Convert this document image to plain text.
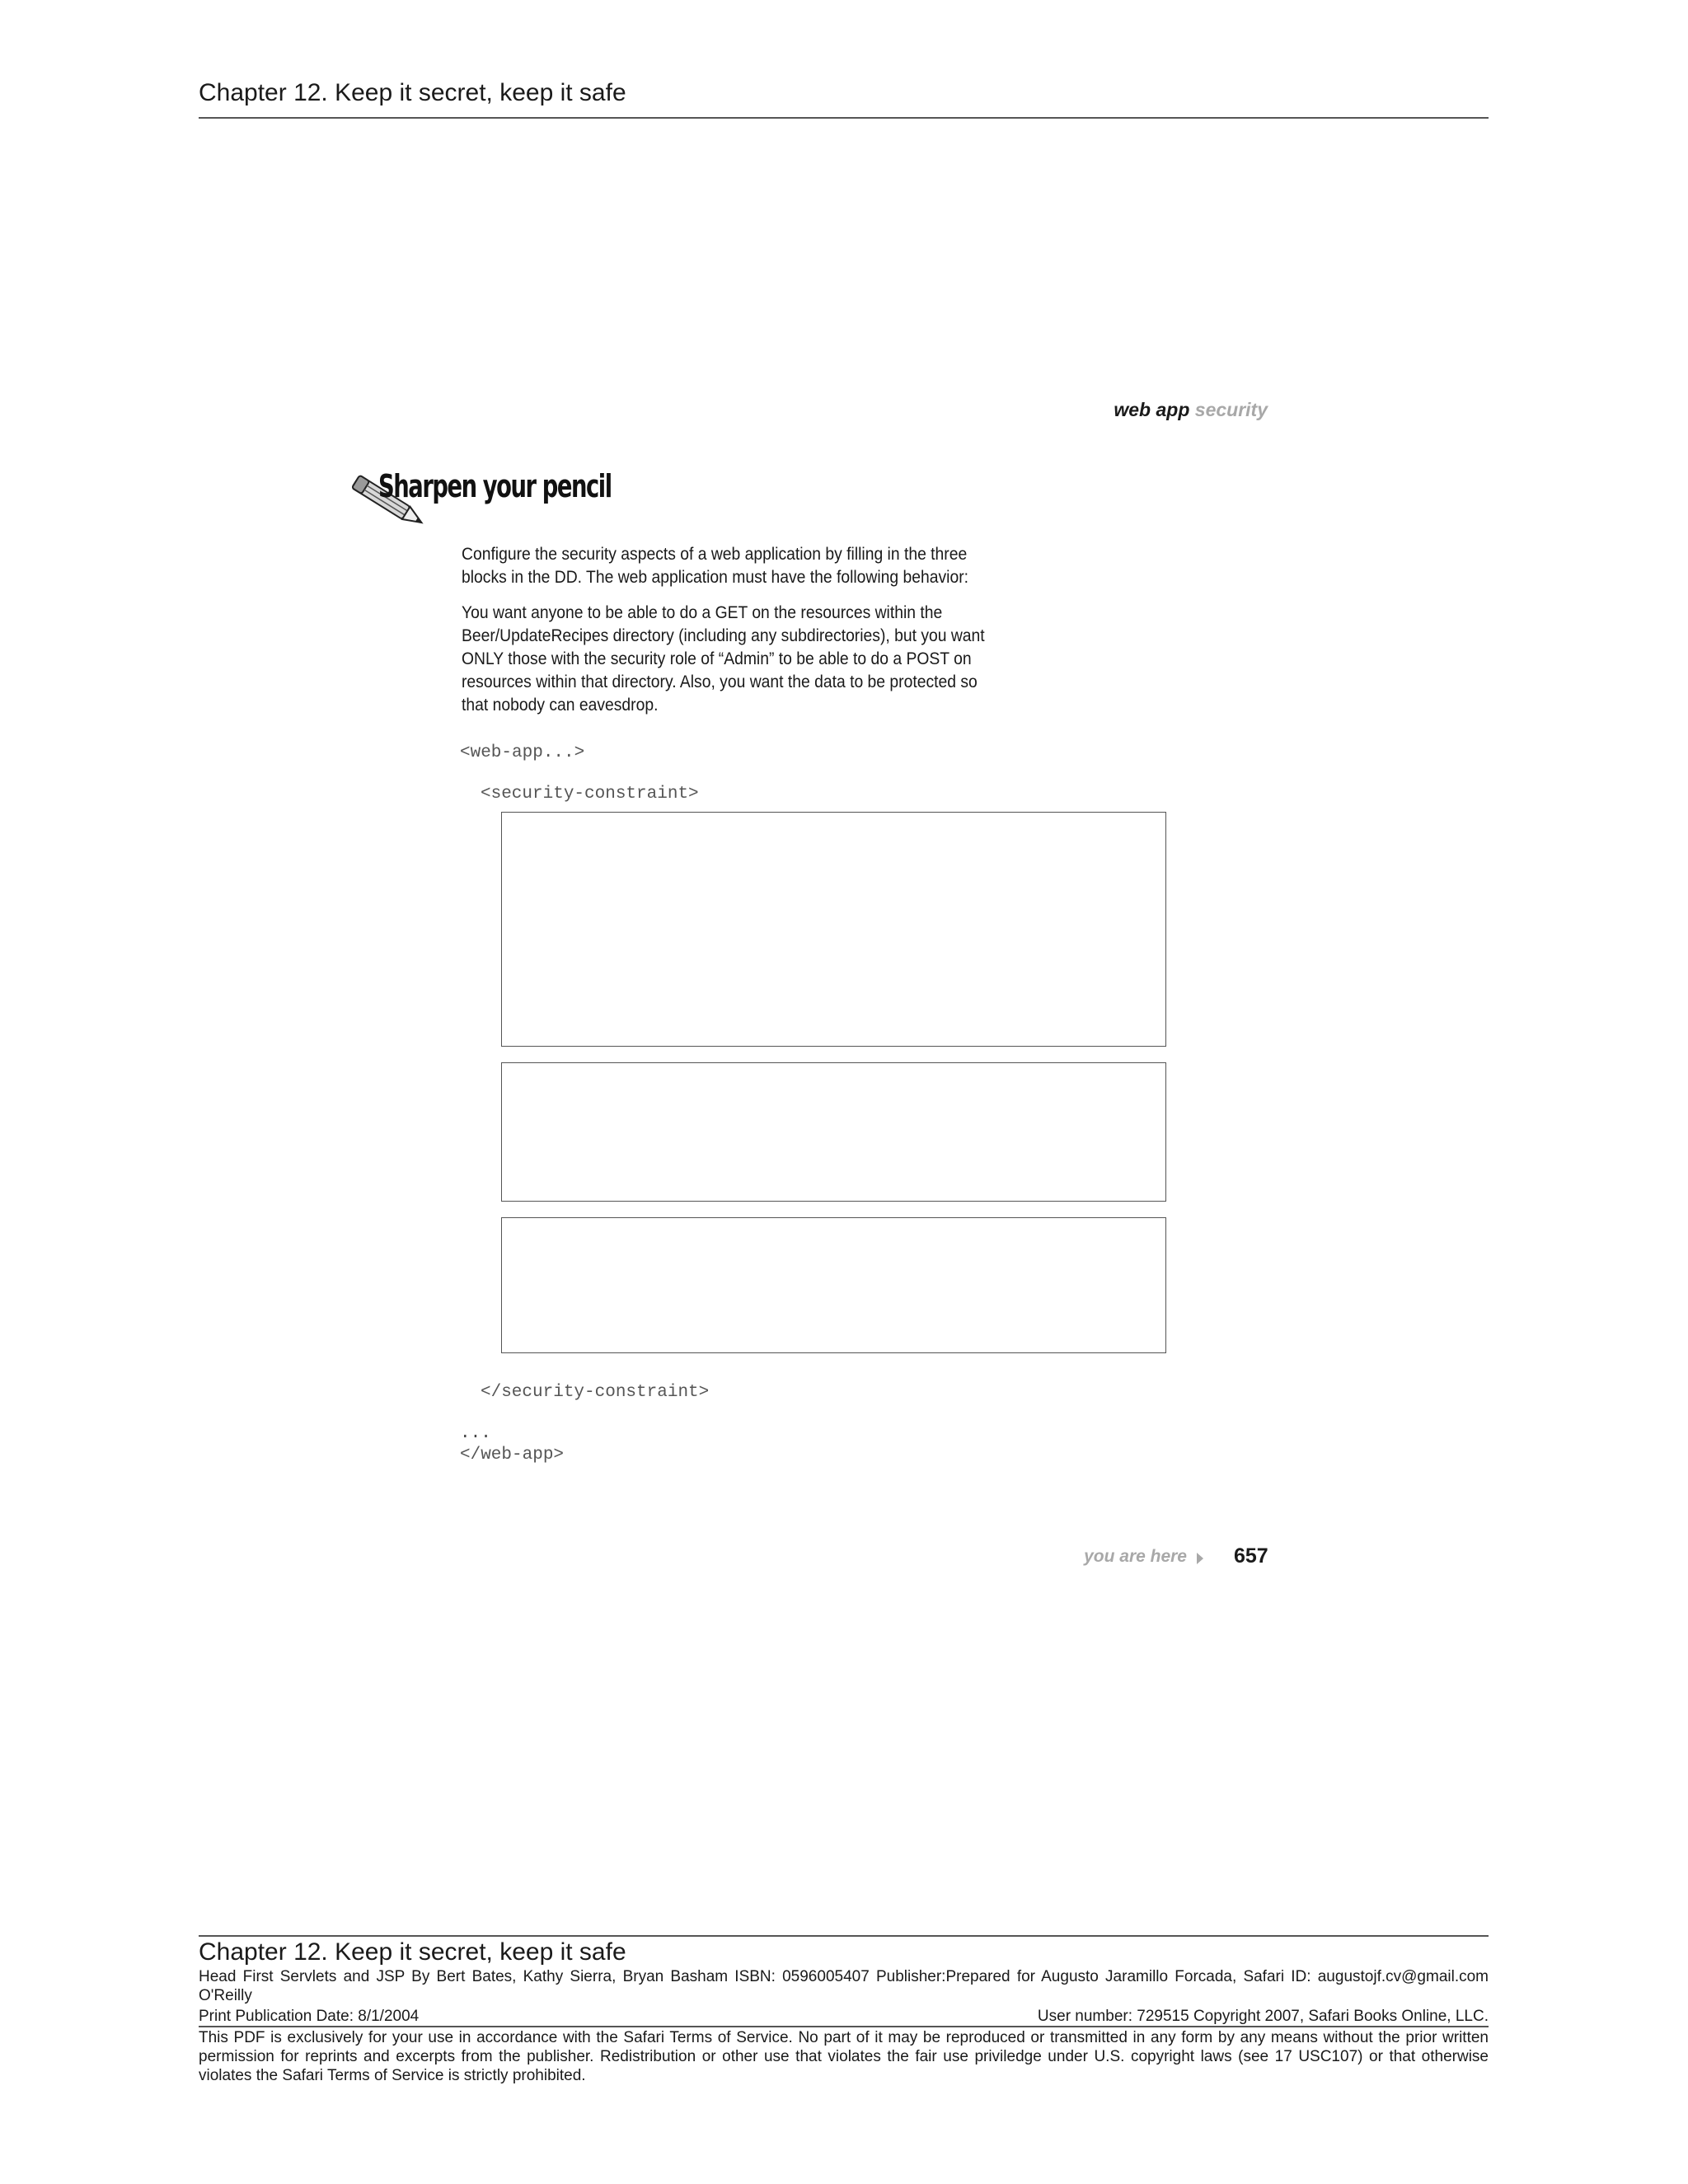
Chapter 12. Keep it secret, keep it safe
web app security
Sharpen your pencil

Configure the security aspects of a web application by filling in the three blocks in the DD. The web application must have the following behavior:

You want anyone to be able to do a GET on the resources within the Beer/UpdateRecipes directory (including any subdirectories), but you want ONLY those with the security role of “Admin” to be able to do a POST on resources within that directory. Also, you want the data to be protected so that nobody can eavesdrop.

<web-app...>
<security-constraint>
</security-constraint>
...
</web-app>
you are here 657
Chapter 12. Keep it secret, keep it safe
Head First Servlets and JSP By Bert Bates, Kathy Sierra, Bryan Basham ISBN: 0596005407 Publisher:Prepared for Augusto Jaramillo Forcada, Safari ID: augustojf.cv@gmail.com
O'Reilly
Print Publication Date: 8/1/2004	User number: 729515 Copyright 2007, Safari Books Online, LLC.
This PDF is exclusively for your use in accordance with the Safari Terms of Service. No part of it may be reproduced or transmitted in any form by any means without the prior written permission for reprints and excerpts from the publisher. Redistribution or other use that violates the fair use priviledge under U.S. copyright laws (see 17 USC107) or that otherwise violates the Safari Terms of Service is strictly prohibited.
